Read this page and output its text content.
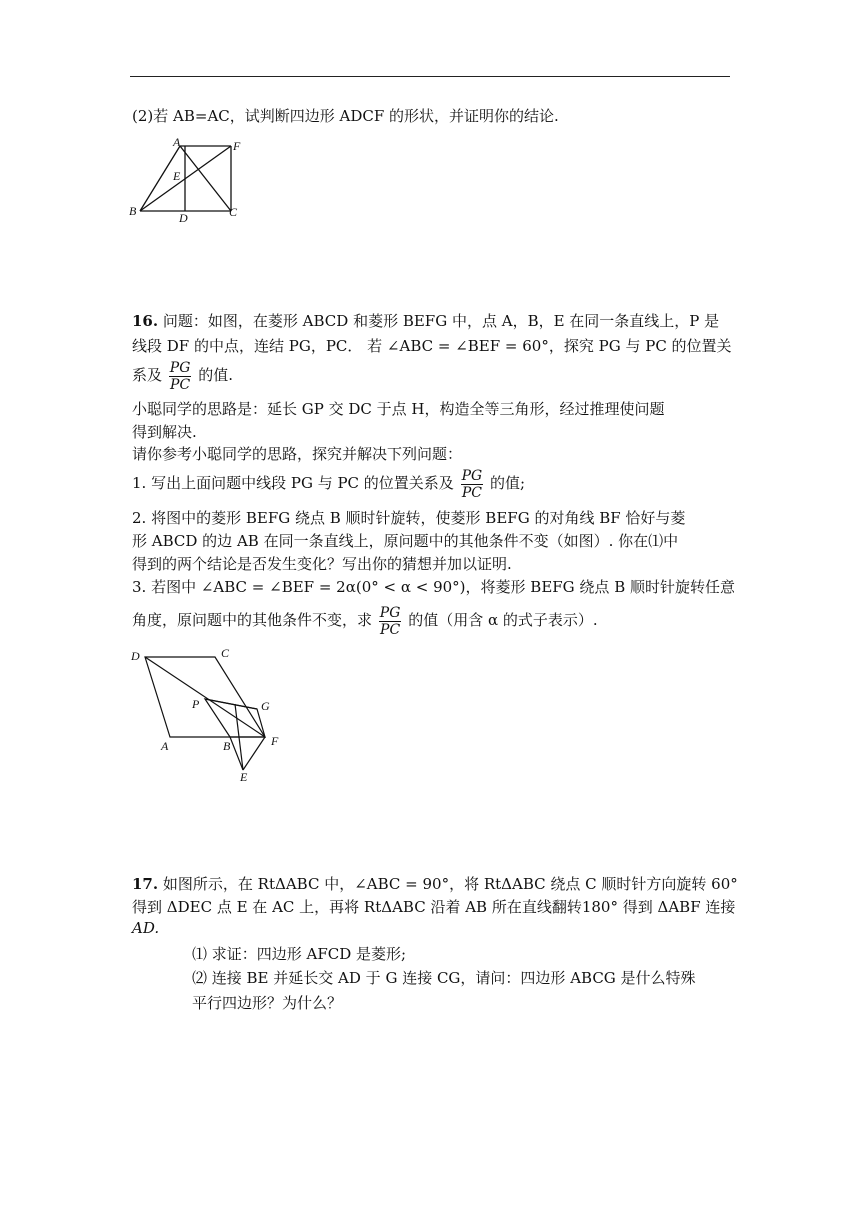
(2)若 AB=AC，试判断四边形 ADCF 的形状，并证明你的结论.
A	F
E
B	D	C
16. 问题：如图，在菱形 ABCD 和菱形 BEFG 中，点 A，B，E 在同一条直线上，P 是
线段 DF 的中点，连结 PG，PC． 若 ∠ABC = ∠BEF = 60°，探究 PG 与 PC 的位置关
系及 $\frac{PG}{PC}$ 的值.
小聪同学的思路是：延长 GP 交 DC 于点 H，构造全等三角形，经过推理使问题
得到解决.
请你参考小聪同学的思路，探究并解决下列问题：
1. 写出上面问题中线段 PG 与 PC 的位置关系及 $\frac{PG}{PC}$ 的值;
2. 将图中的菱形 BEFG 绕点 B 顺时针旋转，使菱形 BEFG 的对角线 BF 恰好与菱
形 ABCD 的边 AB 在同一条直线上，原问题中的其他条件不变（如图）. 你在⑴中
得到的两个结论是否发生变化？写出你的猜想并加以证明.
3. 若图中 ∠ABC = ∠BEF = 2α(0° < α < 90°)，将菱形 BEFG 绕点 B 顺时针旋转任意
角度，原问题中的其他条件不变，求 $\frac{PG}{PC}$ 的值（用含 α 的式子表示）.
D	C
P	G
F
A	B
E
17. 如图所示，在 RtΔABC 中，∠ABC = 90°，将 RtΔABC 绕点 C 顺时针方向旋转 60°
得到 ΔDEC 点 E 在 AC 上，再将 RtΔABC 沿着 AB 所在直线翻转180° 得到 ΔABF 连接
AD.
⑴ 求证：四边形 AFCD 是菱形;
⑵ 连接 BE 并延长交 AD 于 G 连接 CG，请问：四边形 ABCG 是什么特殊
平行四边形？为什么？
